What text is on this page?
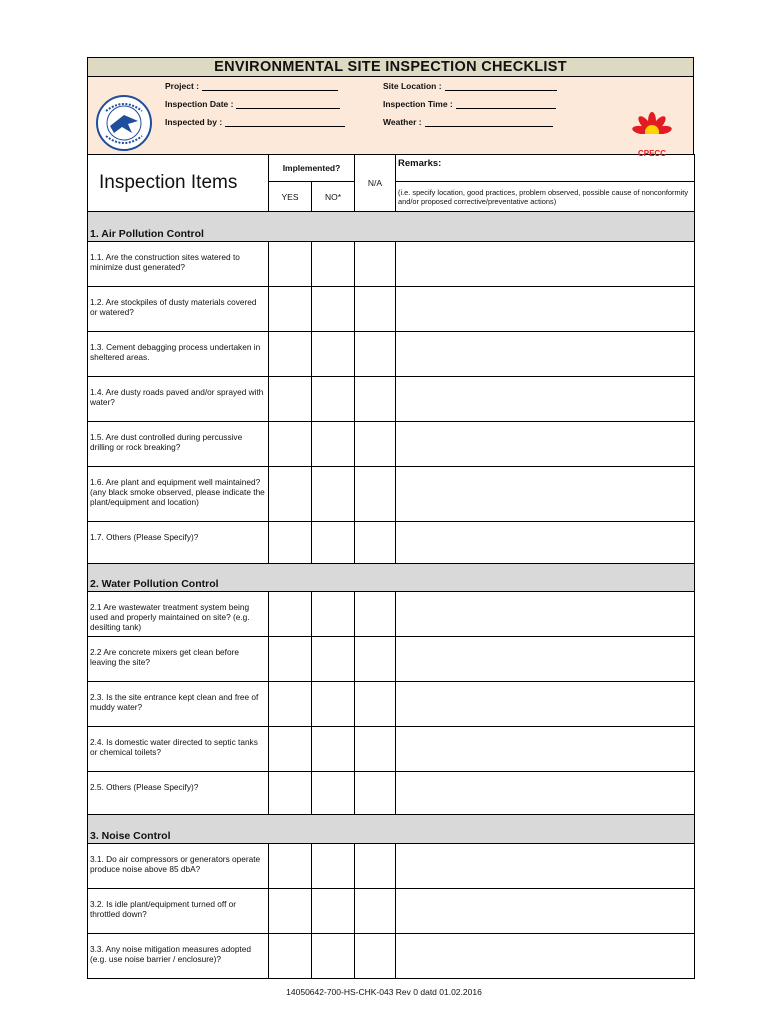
ENVIRONMENTAL SITE INSPECTION CHECKLIST
Project :
Inspection Date :
Inspected by :
Site Location :
Inspection Time :
Weather :
CPECC
Inspection Items	Implemented?		N/A	Remarks:
	YES	NO*		(i.e. specify location, good practices, problem observed, possible cause of nonconformity and/or proposed corrective/preventative actions)
1. Air Pollution Control				
1.1. Are the construction sites watered to minimize dust generated?				
1.2. Are stockpiles of dusty materials covered or watered?				
1.3. Cement debagging process undertaken in sheltered areas.				
1.4. Are dusty roads paved and/or sprayed with water?				
1.5. Are dust controlled during percussive drilling or rock breaking?				
1.6. Are plant and equipment well maintained? (any black smoke observed, please indicate the plant/equipment and location)				
1.7. Others (Please Specify)?				
2. Water Pollution Control				
2.1 Are wastewater treatment system being used and properly maintained on site? (e.g. desilting tank)				
2.2 Are concrete mixers get clean before leaving the site?				
2.3. Is the site entrance kept clean and free of muddy water?				
2.4. Is domestic water directed to septic tanks or chemical toilets?				
2.5. Others (Please Specify)?				
3. Noise Control				
3.1. Do air compressors or generators operate produce noise above 85 dbA?				
3.2. Is idle plant/equipment turned off or throttled down?				
3.3. Any noise mitigation measures adopted (e.g. use noise barrier / enclosure)?				
14050642-700-HS-CHK-043 Rev 0 datd 01.02.2016
